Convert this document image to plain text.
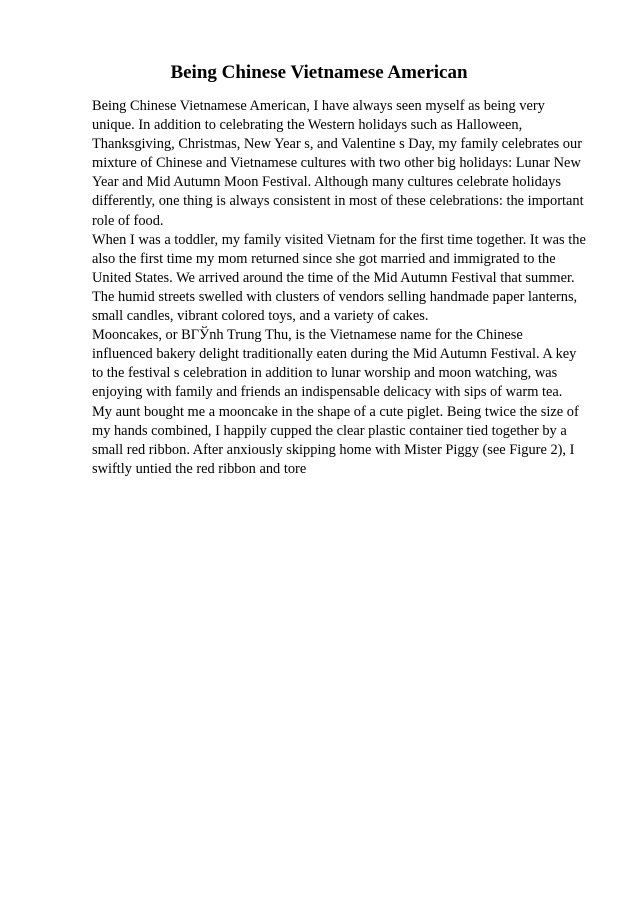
Being Chinese Vietnamese American
Being Chinese Vietnamese American, I have always seen myself as being very
unique. In addition to celebrating the Western holidays such as Halloween,
Thanksgiving, Christmas, New Year s, and Valentine s Day, my family celebrates our
mixture of Chinese and Vietnamese cultures with two other big holidays: Lunar New
Year and Mid Autumn Moon Festival. Although many cultures celebrate holidays
differently, one thing is always consistent in most of these celebrations: the important
role of food.
When I was a toddler, my family visited Vietnam for the first time together. It was the
also the first time my mom returned since she got married and immigrated to the
United States. We arrived around the time of the Mid Autumn Festival that summer.
The humid streets swelled with clusters of vendors selling handmade paper lanterns,
small candles, vibrant colored toys, and a variety of cakes.
Mooncakes, or BΓЎnh Trung Thu, is the Vietnamese name for the Chinese
influenced bakery delight traditionally eaten during the Mid Autumn Festival. A key
to the festival s celebration in addition to lunar worship and moon watching, was
enjoying with family and friends an indispensable delicacy with sips of warm tea.
My aunt bought me a mooncake in the shape of a cute piglet. Being twice the size of
my hands combined, I happily cupped the clear plastic container tied together by a
small red ribbon. After anxiously skipping home with Mister Piggy (see Figure 2), I
swiftly untied the red ribbon and tore
